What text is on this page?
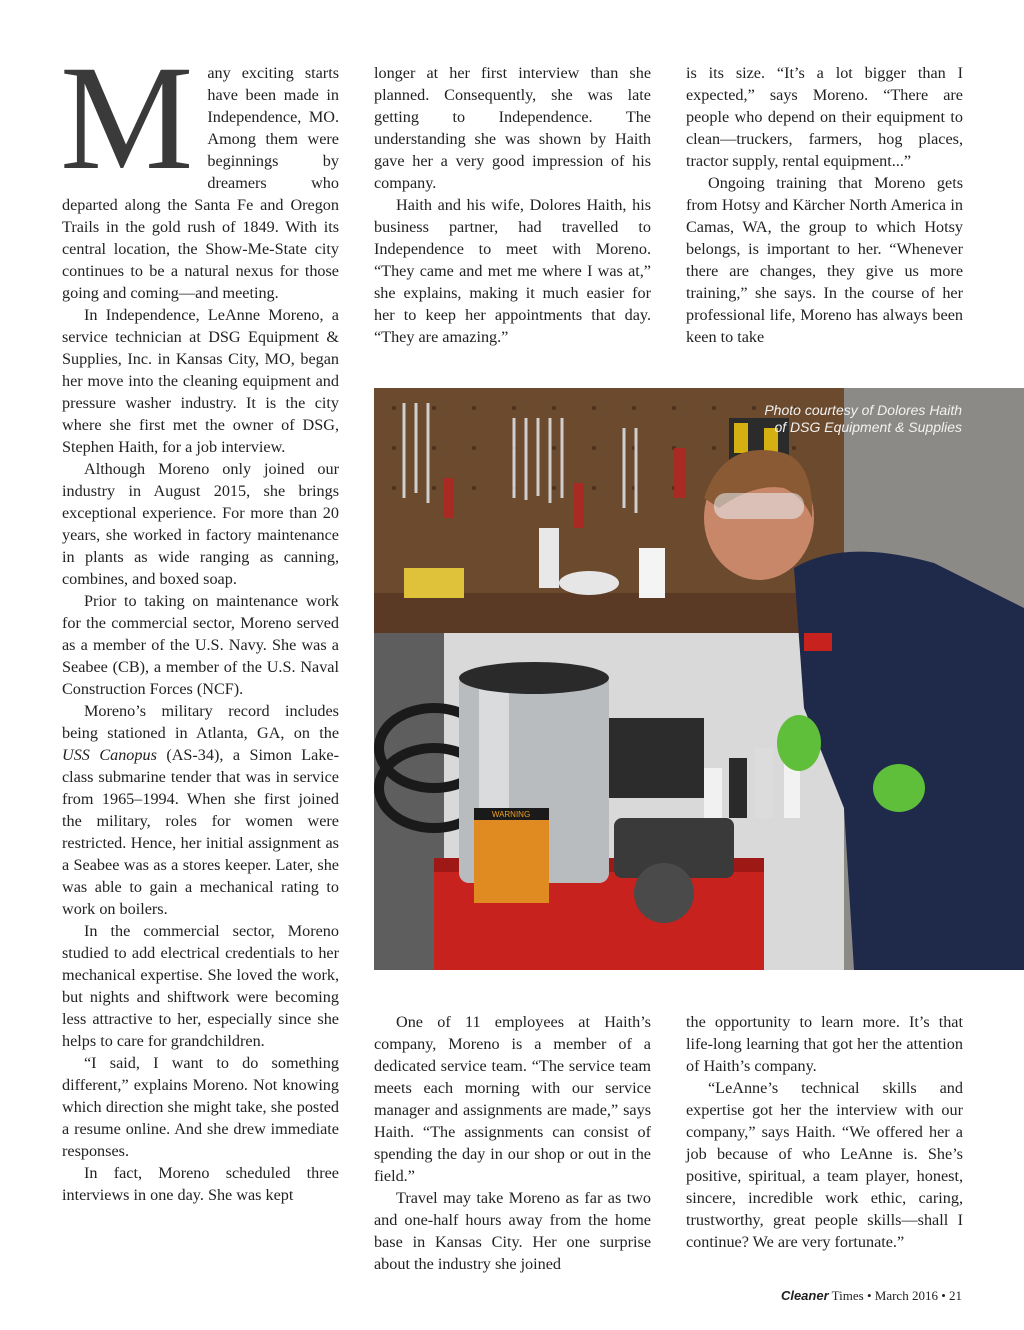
Many exciting starts have been made in Independence, MO. Among them were beginnings by dreamers who departed along the Santa Fe and Oregon Trails in the gold rush of 1849. With its central location, the Show-Me-State city continues to be a natural nexus for those going and coming—and meeting.

In Independence, LeAnne Moreno, a service technician at DSG Equipment & Supplies, Inc. in Kansas City, MO, began her move into the cleaning equipment and pressure washer industry. It is the city where she first met the owner of DSG, Stephen Haith, for a job interview.

Although Moreno only joined our industry in August 2015, she brings exceptional experience. For more than 20 years, she worked in factory maintenance in plants as wide ranging as canning, combines, and boxed soap.

Prior to taking on maintenance work for the commercial sector, Moreno served as a member of the U.S. Navy. She was a Seabee (CB), a member of the U.S. Naval Construction Forces (NCF).

Moreno’s military record includes being stationed in Atlanta, GA, on the USS Canopus (AS-34), a Simon Lake-class submarine tender that was in service from 1965–1994. When she first joined the military, roles for women were restricted. Hence, her initial assignment as a Seabee was as a stores keeper. Later, she was able to gain a mechanical rating to work on boilers.

In the commercial sector, Moreno studied to add electrical credentials to her mechanical expertise. She loved the work, but nights and shiftwork were becoming less attractive to her, especially since she helps to care for grandchildren.

“I said, I want to do something different,” explains Moreno. Not knowing which direction she might take, she posted a resume online. And she drew immediate responses.

In fact, Moreno scheduled three interviews in one day. She was kept

longer at her first interview than she planned. Consequently, she was late getting to Independence. The understanding she was shown by Haith gave her a very good impression of his company.

Haith and his wife, Dolores Haith, his business partner, had travelled to Independence to meet with Moreno. “They came and met me where I was at,” she explains, making it much easier for her to keep her appointments that day. “They are amazing.”

is its size. “It’s a lot bigger than I expected,” says Moreno. “There are people who depend on their equipment to clean—truckers, farmers, hog places, tractor supply, rental equipment...”

Ongoing training that Moreno gets from Hotsy and Kärcher North America in Camas, WA, the group to which Hotsy belongs, is important to her. “Whenever there are changes, they give us more training,” she says. In the course of her professional life, Moreno has always been keen to take

WARNING
Photo courtesy of Dolores Haith of DSG Equipment & Supplies

One of 11 employees at Haith’s company, Moreno is a member of a dedicated service team. “The service team meets each morning with our service manager and assignments are made,” says Haith. “The assignments can consist of spending the day in our shop or out in the field.”

Travel may take Moreno as far as two and one-half hours away from the home base in Kansas City. Her one surprise about the industry she joined

the opportunity to learn more. It’s that life-long learning that got her the attention of Haith’s company.

“LeAnne’s technical skills and expertise got her the interview with our company,” says Haith. “We offered her a job because of who LeAnne is. She’s positive, spiritual, a team player, honest, sincere, incredible work ethic, caring, trustworthy, great people skills—shall I continue? We are very fortunate.”

Cleaner Times • March 2016 • 21
